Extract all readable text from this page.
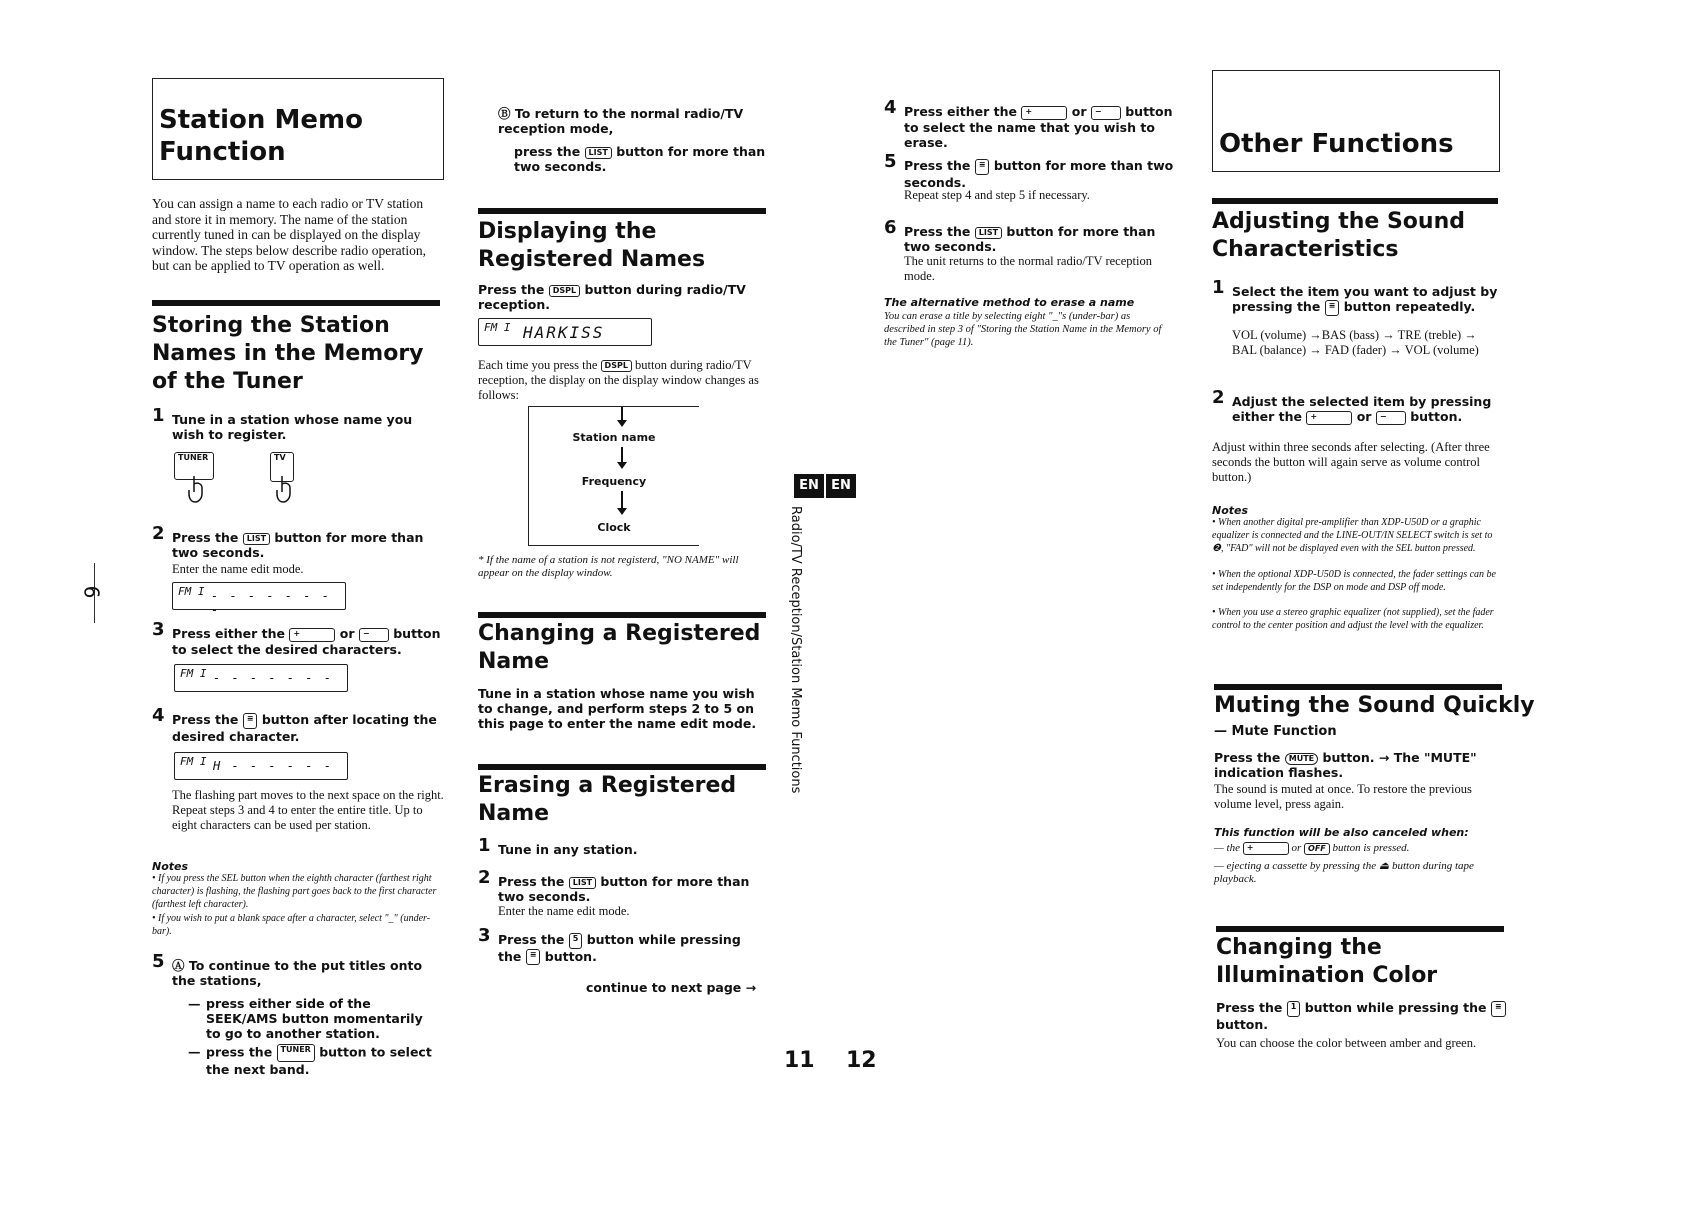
6
Station Memo
Function
You can assign a name to each radio or TV station and store it in memory. The name of the station currently tuned in can be displayed on the display window. The steps below describe radio operation, but can be applied to TV operation as well.
Storing the Station Names in the Memory of the Tuner
1 Tune in a station whose name you wish to register.
TUNER	TV
2 Press the LIST button for more than two seconds.
Enter the name edit mode.
FM I - - - - - - - -
3 Press either the +	or − button to select the desired characters.
FM I - - - - - - -
4 Press the ≡ button after locating the desired character.
FM I H - - - - - -
The flashing part moves to the next space on the right. Repeat steps 3 and 4 to enter the entire title. Up to eight characters can be used per station.
Notes
• If you press the SEL button when the eighth character (farthest right character) is flashing, the flashing part goes back to the first character (farthest left character).
• If you wish to put a blank space after a character, select "_" (under-bar).
5 Ⓐ To continue to the put titles onto the stations,
— press either side of the SEEK/AMS button momentarily to go to another station.
— press the TUNER button to select the next band.
Ⓑ To return to the normal radio/TV reception mode,
press the LIST button for more than two seconds.
Displaying the Registered Names
Press the DSPL button during radio/TV reception.
FM I HARKISS
Each time you press the DSPL button during radio/TV reception, the display on the display window changes as follows:
Station name
Frequency
Clock
* If the name of a station is not registerd, "NO NAME" will appear on the display window.
Changing a Registered Name
Tune in a station whose name you wish to change, and perform steps 2 to 5 on this page to enter the name edit mode.
Erasing a Registered Name
1 Tune in any station.
2 Press the LIST button for more than two seconds.
Enter the name edit mode.
3 Press the 5 button while pressing the ≡ button.
continue to next page →
EN EN
Radio/TV Reception/Station Memo Functions
11 12
4 Press either the +	or − button to select the name that you wish to erase.
5 Press the ≡ button for more than two seconds.
Repeat step 4 and step 5 if necessary.
6 Press the LIST button for more than two seconds.
The unit returns to the normal radio/TV reception mode.
The alternative method to erase a name
You can erase a title by selecting eight "_"s (under-bar) as described in step 3 of "Storing the Station Name in the Memory of the Tuner" (page 11).
Other Functions
Adjusting the Sound Characteristics
1 Select the item you want to adjust by pressing the ≡ button repeatedly.
VOL (volume) →BAS (bass) → TRE (treble) → BAL (balance) → FAD (fader) → VOL (volume)
2 Adjust the selected item by pressing either the +	or − button.
Adjust within three seconds after selecting. (After three seconds the button will again serve as volume control button.)
Notes
• When another digital pre-amplifier than XDP-U50D or a graphic equalizer is connected and the LINE-OUT/IN SELECT switch is set to ❷, "FAD" will not be displayed even with the SEL button pressed.
• When the optional XDP-U50D is connected, the fader settings can be set independently for the DSP on mode and DSP off mode.
• When you use a stereo graphic equalizer (not supplied), set the fader control to the center position and adjust the level with the equalizer.
Muting the Sound Quickly
— Mute Function
Press the MUTE button. → The "MUTE" indication flashes.
The sound is muted at once. To restore the previous volume level, press again.
This function will be also canceled when:
— the +	or OFF button is pressed.
— ejecting a cassette by pressing the ⏏ button during tape playback.
Changing the Illumination Color
Press the 1 button while pressing the ≡ button.
You can choose the color between amber and green.
